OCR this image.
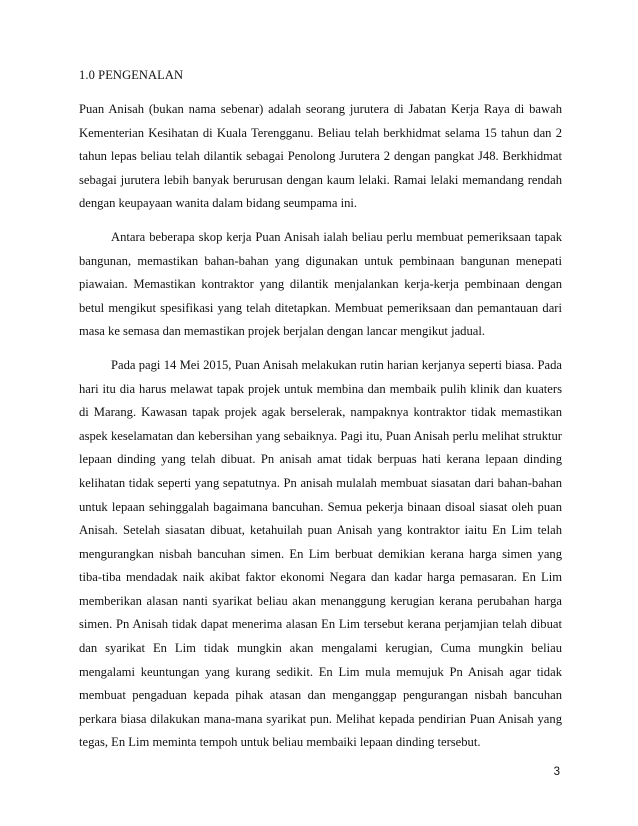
1.0 PENGENALAN

Puan Anisah (bukan nama sebenar) adalah seorang jurutera di Jabatan Kerja Raya di bawah Kementerian Kesihatan di Kuala Terengganu. Beliau telah berkhidmat selama 15 tahun dan 2 tahun lepas beliau telah dilantik sebagai Penolong Jurutera 2 dengan pangkat J48. Berkhidmat sebagai jurutera lebih banyak berurusan dengan kaum lelaki. Ramai lelaki memandang rendah dengan keupayaan wanita dalam bidang seumpama ini.

Antara beberapa skop kerja Puan Anisah ialah beliau perlu membuat pemeriksaan tapak bangunan, memastikan bahan-bahan yang digunakan untuk pembinaan bangunan menepati piawaian. Memastikan kontraktor yang dilantik menjalankan kerja-kerja pembinaan dengan betul mengikut spesifikasi yang telah ditetapkan. Membuat pemeriksaan dan pemantauan dari masa ke semasa dan memastikan projek berjalan dengan lancar mengikut jadual.

Pada pagi 14 Mei 2015, Puan Anisah melakukan rutin harian kerjanya seperti biasa. Pada hari itu dia harus melawat tapak projek untuk membina dan membaik pulih klinik dan kuaters di Marang. Kawasan tapak projek agak berselerak, nampaknya kontraktor tidak memastikan aspek keselamatan dan kebersihan yang sebaiknya. Pagi itu, Puan Anisah perlu melihat struktur lepaan dinding yang telah dibuat. Pn anisah amat tidak berpuas hati kerana lepaan dinding kelihatan tidak seperti yang sepatutnya. Pn anisah mulalah membuat siasatan dari bahan-bahan untuk lepaan sehinggalah bagaimana bancuhan. Semua pekerja binaan disoal siasat oleh puan Anisah. Setelah siasatan dibuat, ketahuilah puan Anisah yang kontraktor iaitu En Lim telah mengurangkan nisbah bancuhan simen. En Lim berbuat demikian kerana harga simen yang tiba-tiba mendadak naik akibat faktor ekonomi Negara dan kadar harga pemasaran. En Lim memberikan alasan nanti syarikat beliau akan menanggung kerugian kerana perubahan harga simen. Pn Anisah tidak dapat menerima alasan En Lim tersebut kerana perjamjian telah dibuat dan syarikat En Lim tidak mungkin akan mengalami kerugian, Cuma mungkin beliau mengalami keuntungan yang kurang sedikit. En Lim mula memujuk Pn Anisah agar tidak membuat pengaduan kepada pihak atasan dan menganggap pengurangan nisbah bancuhan perkara biasa dilakukan mana-mana syarikat pun. Melihat kepada pendirian Puan Anisah yang tegas, En Lim meminta tempoh untuk beliau membaiki lepaan dinding tersebut.

3
